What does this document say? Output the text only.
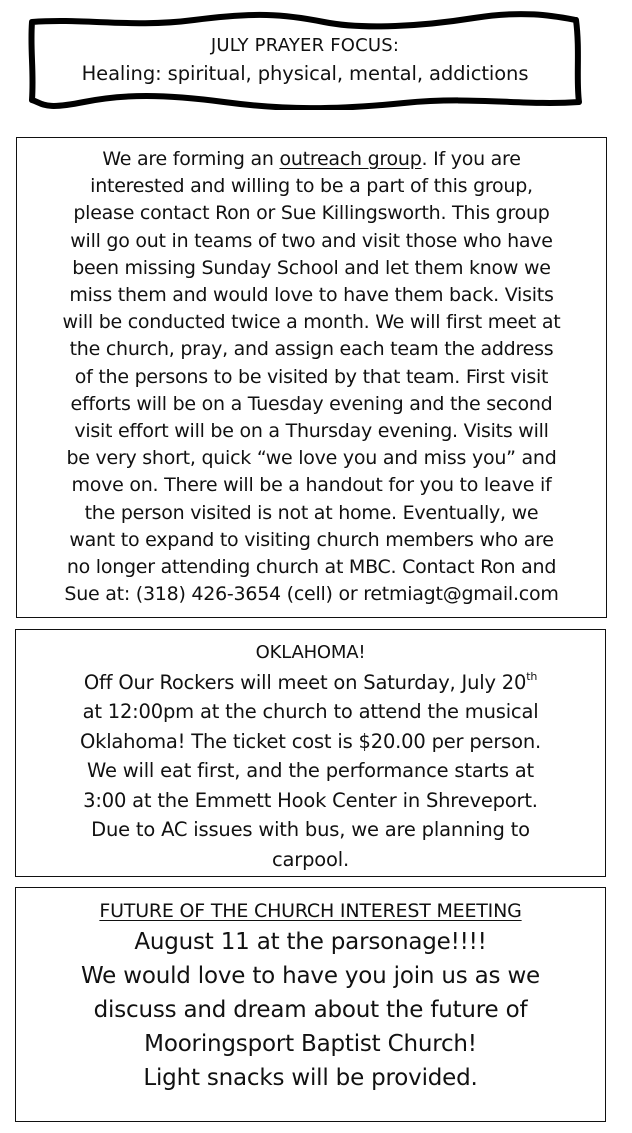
JULY PRAYER FOCUS:
Healing: spiritual, physical, mental, addictions
We are forming an outreach group. If you are
interested and willing to be a part of this group,
please contact Ron or Sue Killingsworth. This group
will go out in teams of two and visit those who have
been missing Sunday School and let them know we
miss them and would love to have them back. Visits
will be conducted twice a month. We will first meet at
the church, pray, and assign each team the address
of the persons to be visited by that team. First visit
efforts will be on a Tuesday evening and the second
visit effort will be on a Thursday evening. Visits will
be very short, quick “we love you and miss you” and
move on. There will be a handout for you to leave if
the person visited is not at home. Eventually, we
want to expand to visiting church members who are
no longer attending church at MBC. Contact Ron and
Sue at: (318) 426-3654 (cell) or retmiagt@gmail.com
OKLAHOMA!
Off Our Rockers will meet on Saturday, July 20th
at 12:00pm at the church to attend the musical
Oklahoma! The ticket cost is $20.00 per person.
We will eat first, and the performance starts at
3:00 at the Emmett Hook Center in Shreveport.
Due to AC issues with bus, we are planning to
carpool.
FUTURE OF THE CHURCH INTEREST MEETING
August 11 at the parsonage!!!!
We would love to have you join us as we
discuss and dream about the future of
Mooringsport Baptist Church!
Light snacks will be provided.
